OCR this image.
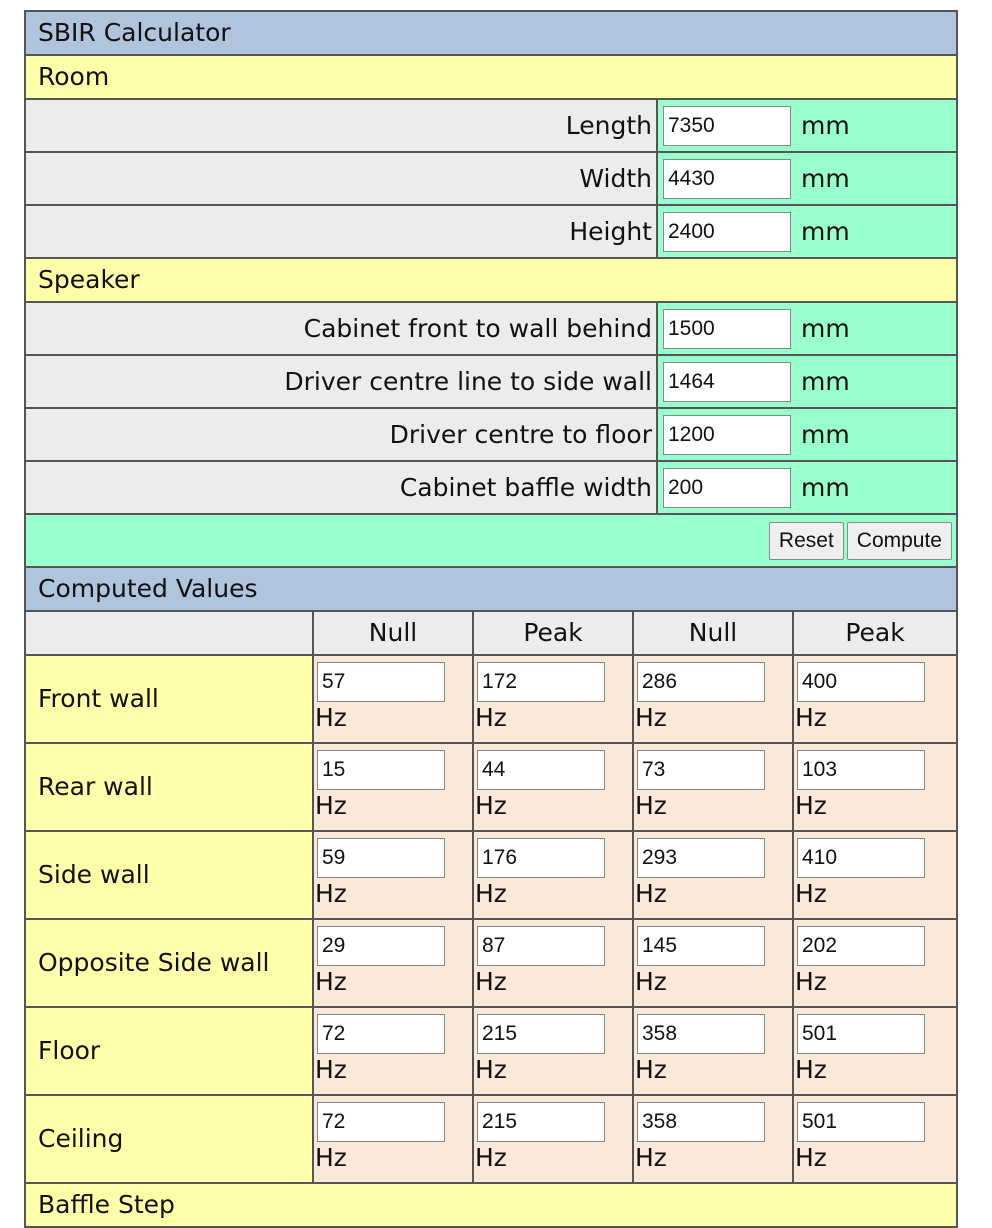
SBIR Calculator
Room
Length
7350	mm
Width
4430	mm
Height
2400	mm
Speaker
Cabinet front to wall behind
1500	mm
Driver centre line to side wall
1464	mm
Driver centre to floor
1200	mm
Cabinet baffle width
200	mm
Reset	Compute
Computed Values
Null	Peak	Null	Peak
Front wall
57Hz
172	Hz
286	Hz
400	Hz
Rear wall
15Hz
44	Hz
73	Hz
103	Hz
Side wall
59Hz
176	Hz
293	Hz
410	Hz
Opposite Side wall
29Hz
87	Hz
145	Hz
202	Hz
Floor
72Hz
215	Hz
358	Hz
501	Hz
Ceiling
72Hz
215	Hz
358	Hz
501	Hz
Baffle Step
